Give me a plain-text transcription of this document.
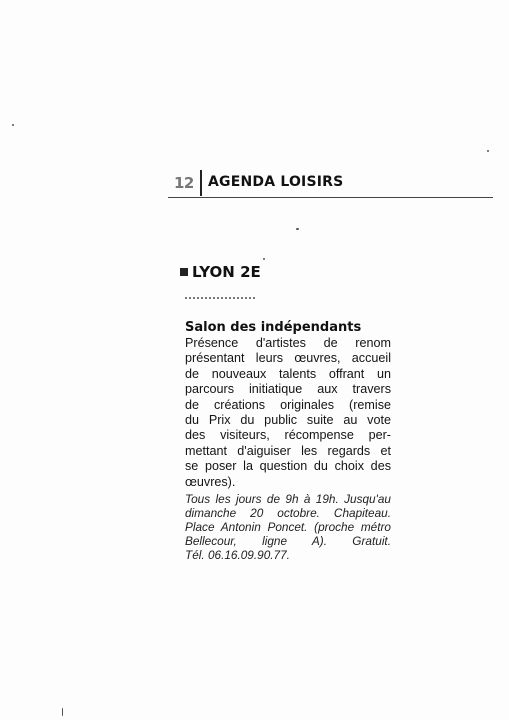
12 AGENDA LOISIRS
LYON 2E
Salon des indépendants

Présence d'artistes de renom
présentant leurs œuvres, accueil
de nouveaux talents offrant un
parcours initiatique aux travers
de créations originales (remise
du Prix du public suite au vote
des visiteurs, récompense per-
mettant d'aiguiser les regards et
se poser la question du choix des
œuvres).

Tous les jours de 9h à 19h. Jusqu'au
dimanche 20 octobre. Chapiteau.
Place Antonin Poncet. (proche métro
Bellecour, ligne A). Gratuit.
Tél. 06.16.09.90.77.
